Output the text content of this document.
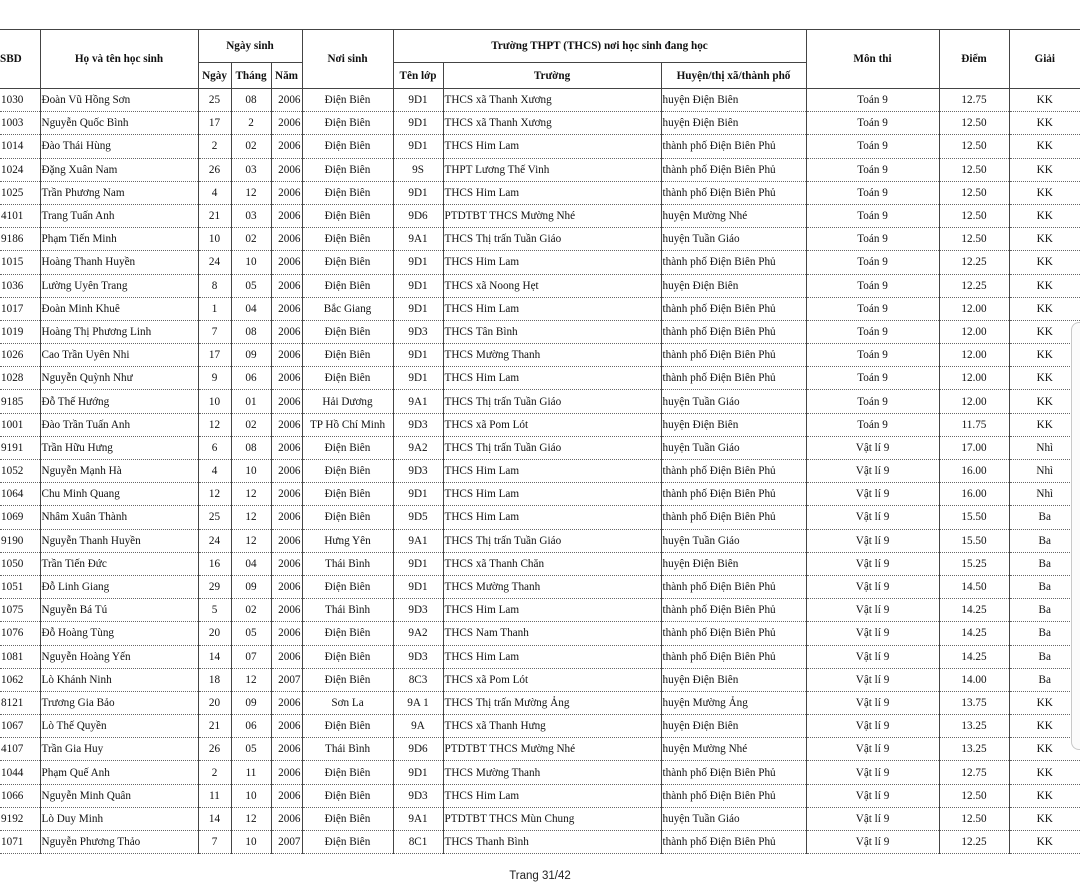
SBD	Họ và tên học sinh	Ngày sinh			Nơi sinh	Trường THPT (THCS) nơi học sinh đang học			Môn thi	Điểm	Giải
		Ngày	Tháng	Năm		Tên lớp	Trường	Huyện/thị xã/thành phố			
1030	Đoàn Vũ Hồng Sơn	25	08	2006	Điện Biên	9D1	THCS xã Thanh Xương	huyện Điện Biên	Toán 9	12.75	KK
1003	Nguyễn Quốc Bình	17	2	2006	Điện Biên	9D1	THCS xã Thanh Xương	huyện Điện Biên	Toán 9	12.50	KK
1014	Đào Thái Hùng	2	02	2006	Điện Biên	9D1	THCS Him Lam	thành phố Điện Biên Phủ	Toán 9	12.50	KK
1024	Đặng Xuân Nam	26	03	2006	Điện Biên	9S	THPT Lương Thế Vinh	thành phố Điện Biên Phủ	Toán 9	12.50	KK
1025	Trần Phương Nam	4	12	2006	Điện Biên	9D1	THCS Him Lam	thành phố Điện Biên Phủ	Toán 9	12.50	KK
4101	Trang Tuấn Anh	21	03	2006	Điện Biên	9D6	PTDTBT THCS Mường Nhé	huyện Mường Nhé	Toán 9	12.50	KK
9186	Phạm Tiến Minh	10	02	2006	Điện Biên	9A1	THCS Thị trấn Tuần Giáo	huyện Tuần Giáo	Toán 9	12.50	KK
1015	Hoàng Thanh Huyền	24	10	2006	Điện Biên	9D1	THCS Him Lam	thành phố Điện Biên Phủ	Toán 9	12.25	KK
1036	Lường Uyên Trang	8	05	2006	Điện Biên	9D1	THCS xã Noong Hẹt	huyện Điện Biên	Toán 9	12.25	KK
1017	Đoàn Minh Khuê	1	04	2006	Bắc Giang	9D1	THCS Him Lam	thành phố Điện Biên Phủ	Toán 9	12.00	KK
1019	Hoàng Thị Phương Linh	7	08	2006	Điện Biên	9D3	THCS Tân Bình	thành phố Điện Biên Phủ	Toán 9	12.00	KK
1026	Cao Trần Uyên Nhi	17	09	2006	Điện Biên	9D1	THCS Mường Thanh	thành phố Điện Biên Phủ	Toán 9	12.00	KK
1028	Nguyễn Quỳnh Như	9	06	2006	Điện Biên	9D1	THCS Him Lam	thành phố Điện Biên Phủ	Toán 9	12.00	KK
9185	Đỗ Thế Hướng	10	01	2006	Hải Dương	9A1	THCS Thị trấn Tuần Giáo	huyện Tuần Giáo	Toán 9	12.00	KK
1001	Đào Trần Tuấn Anh	12	02	2006	TP Hồ Chí Minh	9D3	THCS xã Pom Lót	huyện Điện Biên	Toán 9	11.75	KK
9191	Trần Hữu Hưng	6	08	2006	Điện Biên	9A2	THCS Thị trấn Tuần Giáo	huyện Tuần Giáo	Vật lí 9	17.00	Nhì
1052	Nguyễn Mạnh Hà	4	10	2006	Điện Biên	9D3	THCS Him Lam	thành phố Điện Biên Phủ	Vật lí 9	16.00	Nhì
1064	Chu Minh Quang	12	12	2006	Điện Biên	9D1	THCS Him Lam	thành phố Điện Biên Phủ	Vật lí 9	16.00	Nhì
1069	Nhâm Xuân Thành	25	12	2006	Điện Biên	9D5	THCS Him Lam	thành phố Điện Biên Phủ	Vật lí 9	15.50	Ba
9190	Nguyễn Thanh Huyền	24	12	2006	Hưng Yên	9A1	THCS Thị trấn Tuần Giáo	huyện Tuần Giáo	Vật lí 9	15.50	Ba
1050	Trần Tiến Đức	16	04	2006	Thái Bình	9D1	THCS xã Thanh Chăn	huyện Điện Biên	Vật lí 9	15.25	Ba
1051	Đỗ Linh Giang	29	09	2006	Điện Biên	9D1	THCS Mường Thanh	thành phố Điện Biên Phủ	Vật lí 9	14.50	Ba
1075	Nguyễn Bá Tú	5	02	2006	Thái Bình	9D3	THCS Him Lam	thành phố Điện Biên Phủ	Vật lí 9	14.25	Ba
1076	Đỗ Hoàng Tùng	20	05	2006	Điện Biên	9A2	THCS Nam Thanh	thành phố Điện Biên Phủ	Vật lí 9	14.25	Ba
1081	Nguyễn Hoàng Yến	14	07	2006	Điện Biên	9D3	THCS Him Lam	thành phố Điện Biên Phủ	Vật lí 9	14.25	Ba
1062	Lò Khánh Ninh	18	12	2007	Điện Biên	8C3	THCS xã Pom Lót	huyện Điện Biên	Vật lí 9	14.00	Ba
8121	Trương Gia Bảo	20	09	2006	Sơn La	9A 1	THCS Thị trấn Mường Ảng	huyện Mường Ảng	Vật lí 9	13.75	KK
1067	Lò Thế Quyền	21	06	2006	Điện Biên	9A	THCS xã Thanh Hưng	huyện Điện Biên	Vật lí 9	13.25	KK
4107	Trần Gia Huy	26	05	2006	Thái Bình	9D6	PTDTBT THCS Mường Nhé	huyện Mường Nhé	Vật lí 9	13.25	KK
1044	Phạm Quế Anh	2	11	2006	Điện Biên	9D1	THCS Mường Thanh	thành phố Điện Biên Phủ	Vật lí 9	12.75	KK
1066	Nguyễn Minh Quân	11	10	2006	Điện Biên	9D3	THCS Him Lam	thành phố Điện Biên Phủ	Vật lí 9	12.50	KK
9192	Lò Duy Minh	14	12	2006	Điện Biên	9A1	PTDTBT THCS Mùn Chung	huyện Tuần Giáo	Vật lí 9	12.50	KK
1071	Nguyễn Phương Thảo	7	10	2007	Điện Biên	8C1	THCS Thanh Bình	thành phố Điện Biên Phủ	Vật lí 9	12.25	KK
Trang 31/42
